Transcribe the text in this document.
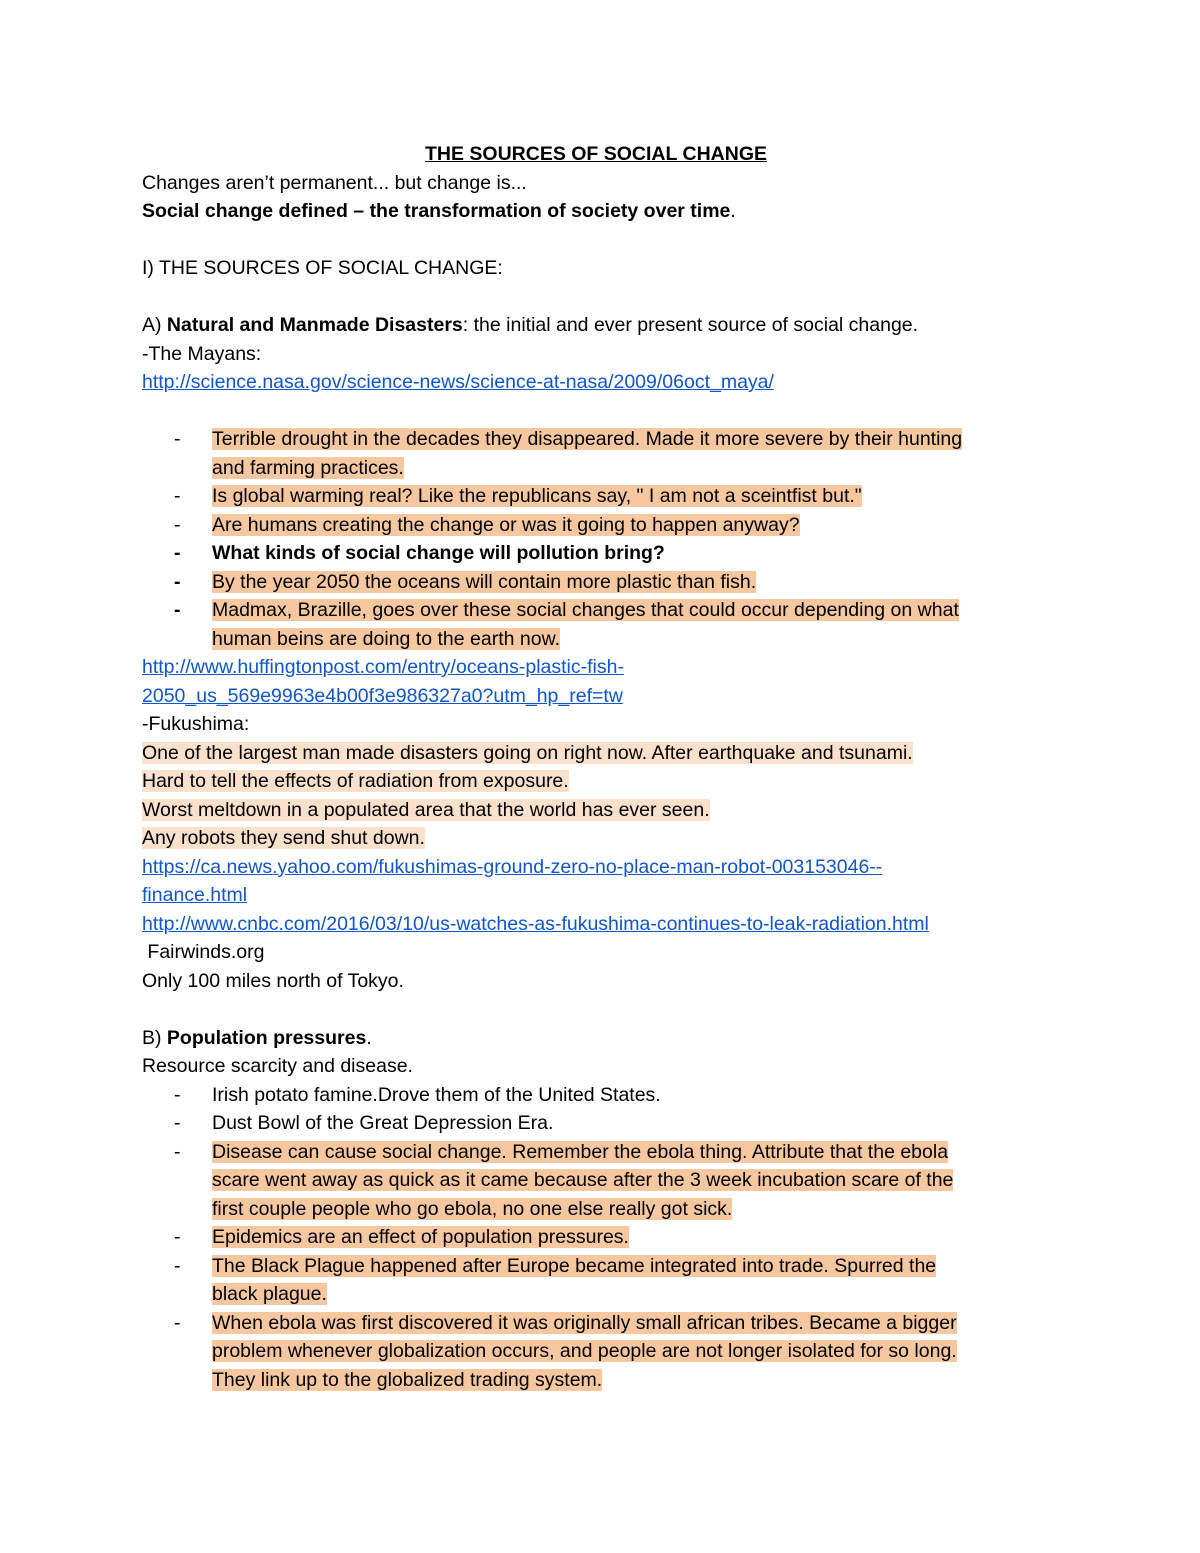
THE SOURCES OF SOCIAL CHANGE
Changes aren’t permanent... but change is...
Social change defined – the transformation of society over time.
I) THE SOURCES OF SOCIAL CHANGE:
A) Natural and Manmade Disasters: the initial and ever present source of social change.
-The Mayans:
http://science.nasa.gov/science-news/science-at-nasa/2009/06oct_maya/
- Terrible drought in the decades they disappeared. Made it more severe by their hunting
and farming practices.
- Is global warming real? Like the republicans say, " I am not a sceintfist but."
- Are humans creating the change or was it going to happen anyway?
- What kinds of social change will pollution bring?
- By the year 2050 the oceans will contain more plastic than fish.
- Madmax, Brazille, goes over these social changes that could occur depending on what
human beins are doing to the earth now.
http://www.huffingtonpost.com/entry/oceans-plastic-fish-
2050_us_569e9963e4b00f3e986327a0?utm_hp_ref=tw
-Fukushima:
One of the largest man made disasters going on right now. After earthquake and tsunami.
Hard to tell the effects of radiation from exposure.
Worst meltdown in a populated area that the world has ever seen.
Any robots they send shut down.
https://ca.news.yahoo.com/fukushimas-ground-zero-no-place-man-robot-003153046--
finance.html
http://www.cnbc.com/2016/03/10/us-watches-as-fukushima-continues-to-leak-radiation.html
Fairwinds.org
Only 100 miles north of Tokyo.
B) Population pressures.
Resource scarcity and disease.
- Irish potato famine.Drove them of the United States.
- Dust Bowl of the Great Depression Era.
- Disease can cause social change. Remember the ebola thing. Attribute that the ebola
scare went away as quick as it came because after the 3 week incubation scare of the
first couple people who go ebola, no one else really got sick.
- Epidemics are an effect of population pressures.
- The Black Plague happened after Europe became integrated into trade. Spurred the
black plague.
- When ebola was first discovered it was originally small african tribes. Became a bigger
problem whenever globalization occurs, and people are not longer isolated for so long.
They link up to the globalized trading system.
